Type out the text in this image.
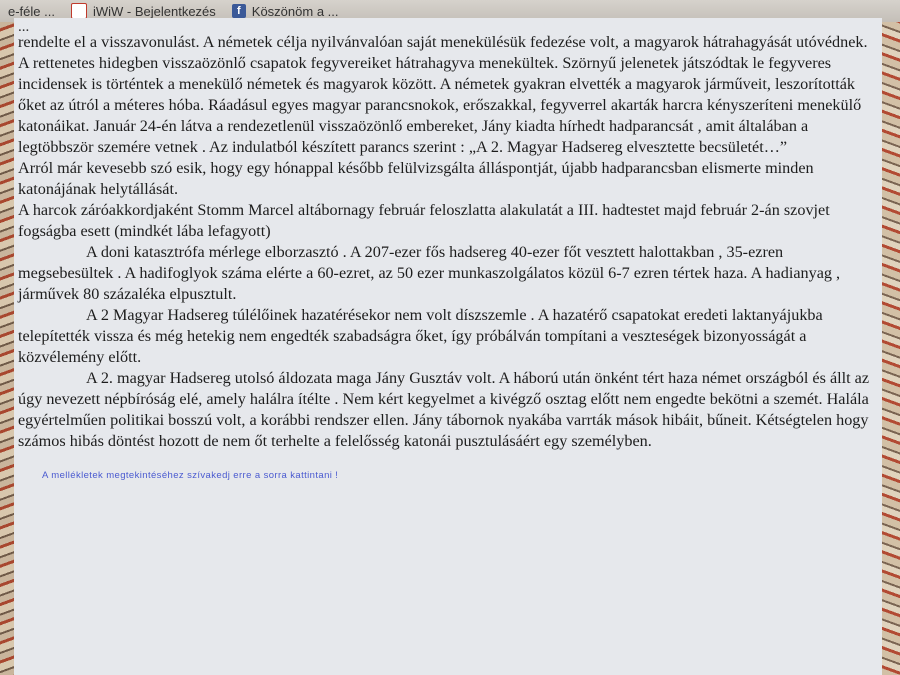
e-féle ...	C iWiW - Bejelentkezés	f Köszönöm a ...
...

rendelte el a visszavonulást. A németek célja nyilvánvalóan saját menekülésük fedezése volt, a magyarok hátrahagyását utóvédnek. A rettenetes hidegben visszaözönlő csapatok fegyvereiket hátrahagyva menekültek. Szörnyű jelenetek játszódtak le fegyveres incidensek is történtek a menekülő németek és magyarok között. A németek gyakran elvették a magyarok járműveit, leszorították őket az útról a méteres hóba. Ráadásul egyes magyar parancsnokok, erőszakkal, fegyverrel akarták harcra kényszeríteni menekülő katonáikat. Január 24-én látva a rendezetlenül visszaözönlő embereket, Jány kiadta hírhedt hadparancsát , amit általában a legtöbbször szemére vetnek . Az indulatból készített parancs szerint : „A 2. Magyar Hadsereg elvesztette becsületét…”

Arról már kevesebb szó esik, hogy egy hónappal később felülvizsgálta álláspontját, újabb hadparancsban elismerte minden katonájának helytállását.

A harcok záróakkordjaként Stomm Marcel altábornagy február feloszlatta alakulatát a III. hadtestet majd február 2-án szovjet fogságba esett (mindkét lába lefagyott)

A doni katasztrófa mérlege elborzasztó . A 207-ezer fős hadsereg 40-ezer főt vesztett halottakban , 35-ezren megsebesültek . A hadifoglyok száma elérte a 60-ezret, az 50 ezer munkaszolgálatos közül 6-7 ezren tértek haza. A hadianyag , járművek 80 százaléka elpusztult.

A 2 Magyar Hadsereg túlélőinek hazatérésekor nem volt díszszemle . A hazatérő csapatokat eredeti laktanyájukba telepítették vissza és még hetekig nem engedték szabadságra őket, így próbálván tompítani a veszteségek bizonyosságát a közvélemény előtt.

A 2. magyar Hadsereg utolsó áldozata maga Jány Gusztáv volt. A háború után önként tért haza német országból és állt az úgy nevezett népbíróság elé, amely halálra ítélte . Nem kért kegyelmet a kivégző osztag előtt nem engedte bekötni a szemét. Halála egyértelműen politikai bosszú volt, a korábbi rendszer ellen. Jány tábornok nyakába varrták mások hibáit, bűneit. Kétségtelen hogy számos hibás döntést hozott de nem őt terhelte a felelősség katonái pusztulásáért egy személyben.

A mellékletek megtekintéséhez szívakedj erre a sorra kattintani !
